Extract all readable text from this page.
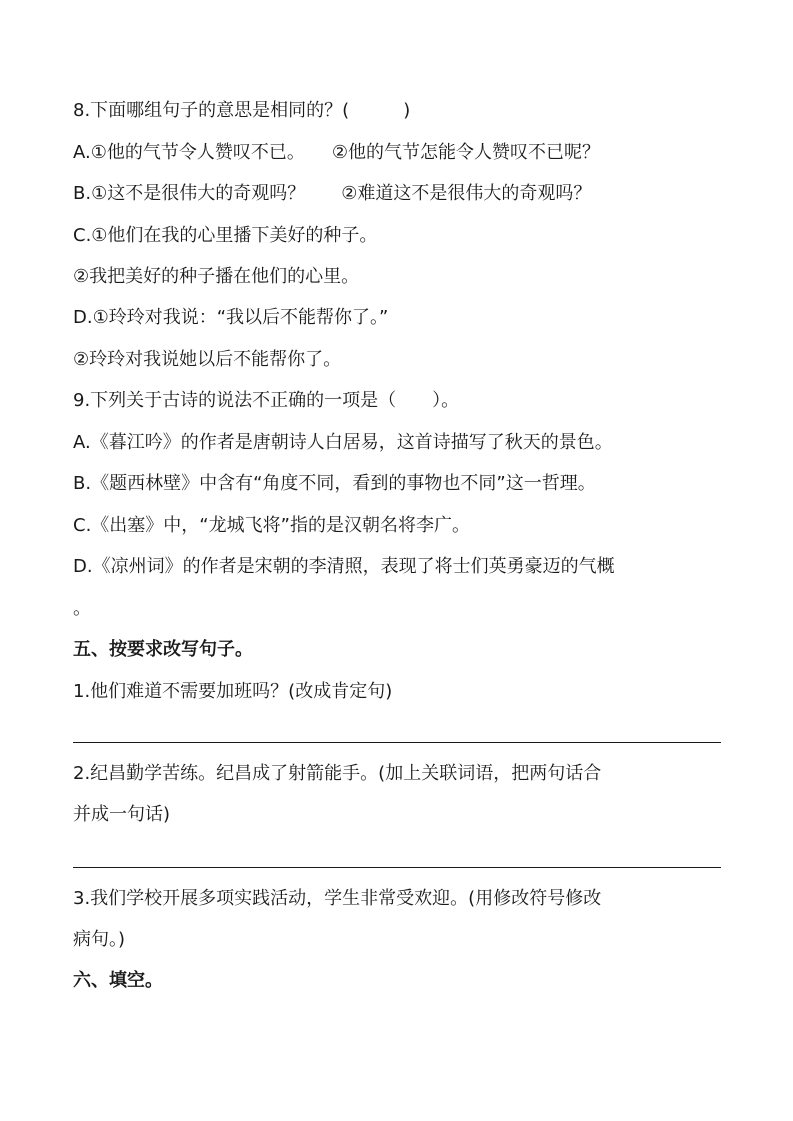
8.下面哪组句子的意思是相同的？(　　　)
A.①他的气节令人赞叹不已。　　②他的气节怎能令人赞叹不已呢？
B.①这不是很伟大的奇观吗？　　②难道这不是很伟大的奇观吗？
C.①他们在我的心里播下美好的种子。
②我把美好的种子播在他们的心里。
D.①玲玲对我说：“我以后不能帮你了。”
②玲玲对我说她以后不能帮你了。
9.下列关于古诗的说法不正确的一项是（　　）。
A.《暮江吟》的作者是唐朝诗人白居易，这首诗描写了秋天的景色。
B.《题西林壁》中含有“角度不同，看到的事物也不同”这一哲理。
C.《出塞》中，“龙城飞将”指的是汉朝名将李广。
D.《凉州词》的作者是宋朝的李清照，表现了将士们英勇豪迈的气概
。
五、按要求改写句子。
1.他们难道不需要加班吗？(改成肯定句)
2.纪昌勤学苦练。纪昌成了射箭能手。(加上关联词语，把两句话合
并成一句话)
3.我们学校开展多项实践活动，学生非常受欢迎。(用修改符号修改
病句。)
六、填空。
